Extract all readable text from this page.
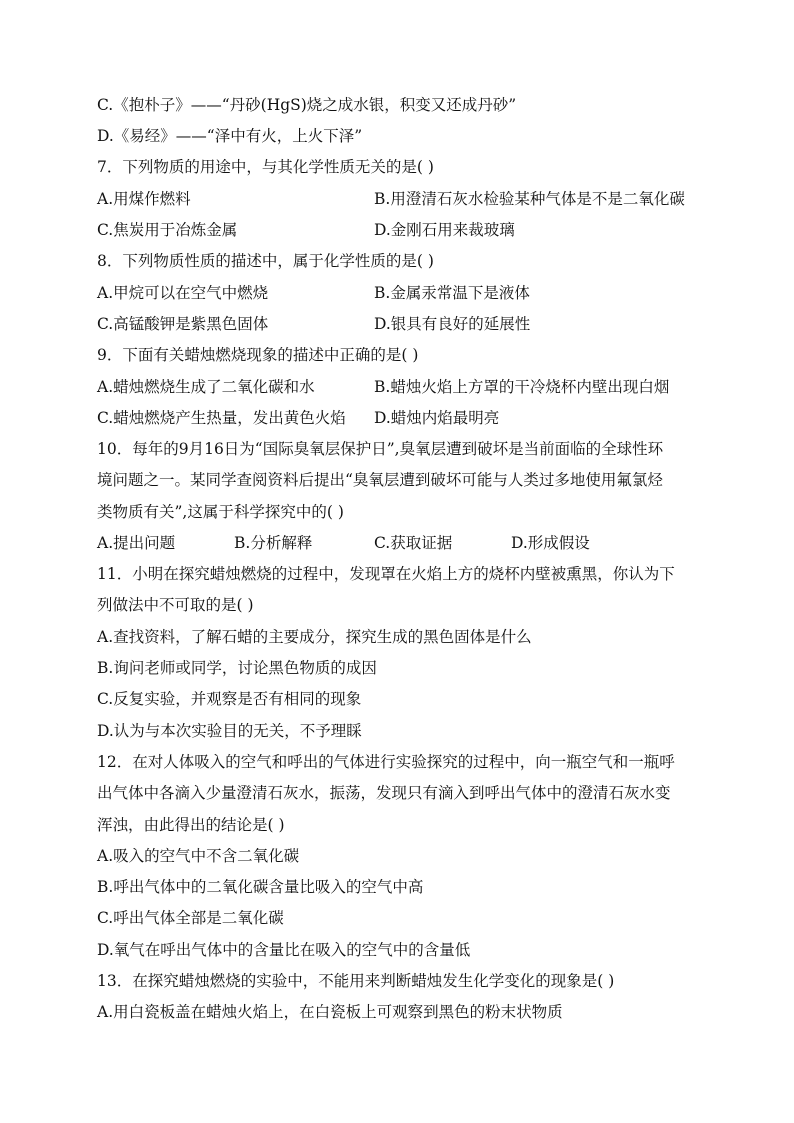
C.《抱朴子》——“丹砂(HgS)烧之成水银，积变又还成丹砂”
D.《易经》——“泽中有火，上火下泽”
7．下列物质的用途中，与其化学性质无关的是( )
A.用煤作燃料	B.用澄清石灰水检验某种气体是不是二氧化碳
C.焦炭用于冶炼金属	D.金刚石用来裁玻璃
8．下列物质性质的描述中，属于化学性质的是( )
A.甲烷可以在空气中燃烧	B.金属汞常温下是液体
C.高锰酸钾是紫黑色固体	D.银具有良好的延展性
9．下面有关蜡烛燃烧现象的描述中正确的是( )
A.蜡烛燃烧生成了二氧化碳和水	B.蜡烛火焰上方罩的干冷烧杯内壁出现白烟
C.蜡烛燃烧产生热量，发出黄色火焰 D.蜡烛内焰最明亮
10．每年的9月16日为“国际臭氧层保护日”,臭氧层遭到破坏是当前面临的全球性环
境问题之一。某同学查阅资料后提出“臭氧层遭到破坏可能与人类过多地使用氟氯烃
类物质有关”,这属于科学探究中的( )
A.提出问题	B.分析解释	C.获取证据	D.形成假设
11．小明在探究蜡烛燃烧的过程中，发现罩在火焰上方的烧杯内壁被熏黑，你认为下
列做法中不可取的是( )
A.查找资料，了解石蜡的主要成分，探究生成的黑色固体是什么
B.询问老师或同学，讨论黑色物质的成因
C.反复实验，并观察是否有相同的现象
D.认为与本次实验目的无关，不予理睬
12．在对人体吸入的空气和呼出的气体进行实验探究的过程中，向一瓶空气和一瓶呼
出气体中各滴入少量澄清石灰水，振荡，发现只有滴入到呼出气体中的澄清石灰水变
浑浊，由此得出的结论是( )
A.吸入的空气中不含二氧化碳
B.呼出气体中的二氧化碳含量比吸入的空气中高
C.呼出气体全部是二氧化碳
D.氧气在呼出气体中的含量比在吸入的空气中的含量低
13．在探究蜡烛燃烧的实验中，不能用来判断蜡烛发生化学变化的现象是( )
A.用白瓷板盖在蜡烛火焰上，在白瓷板上可观察到黑色的粉末状物质
